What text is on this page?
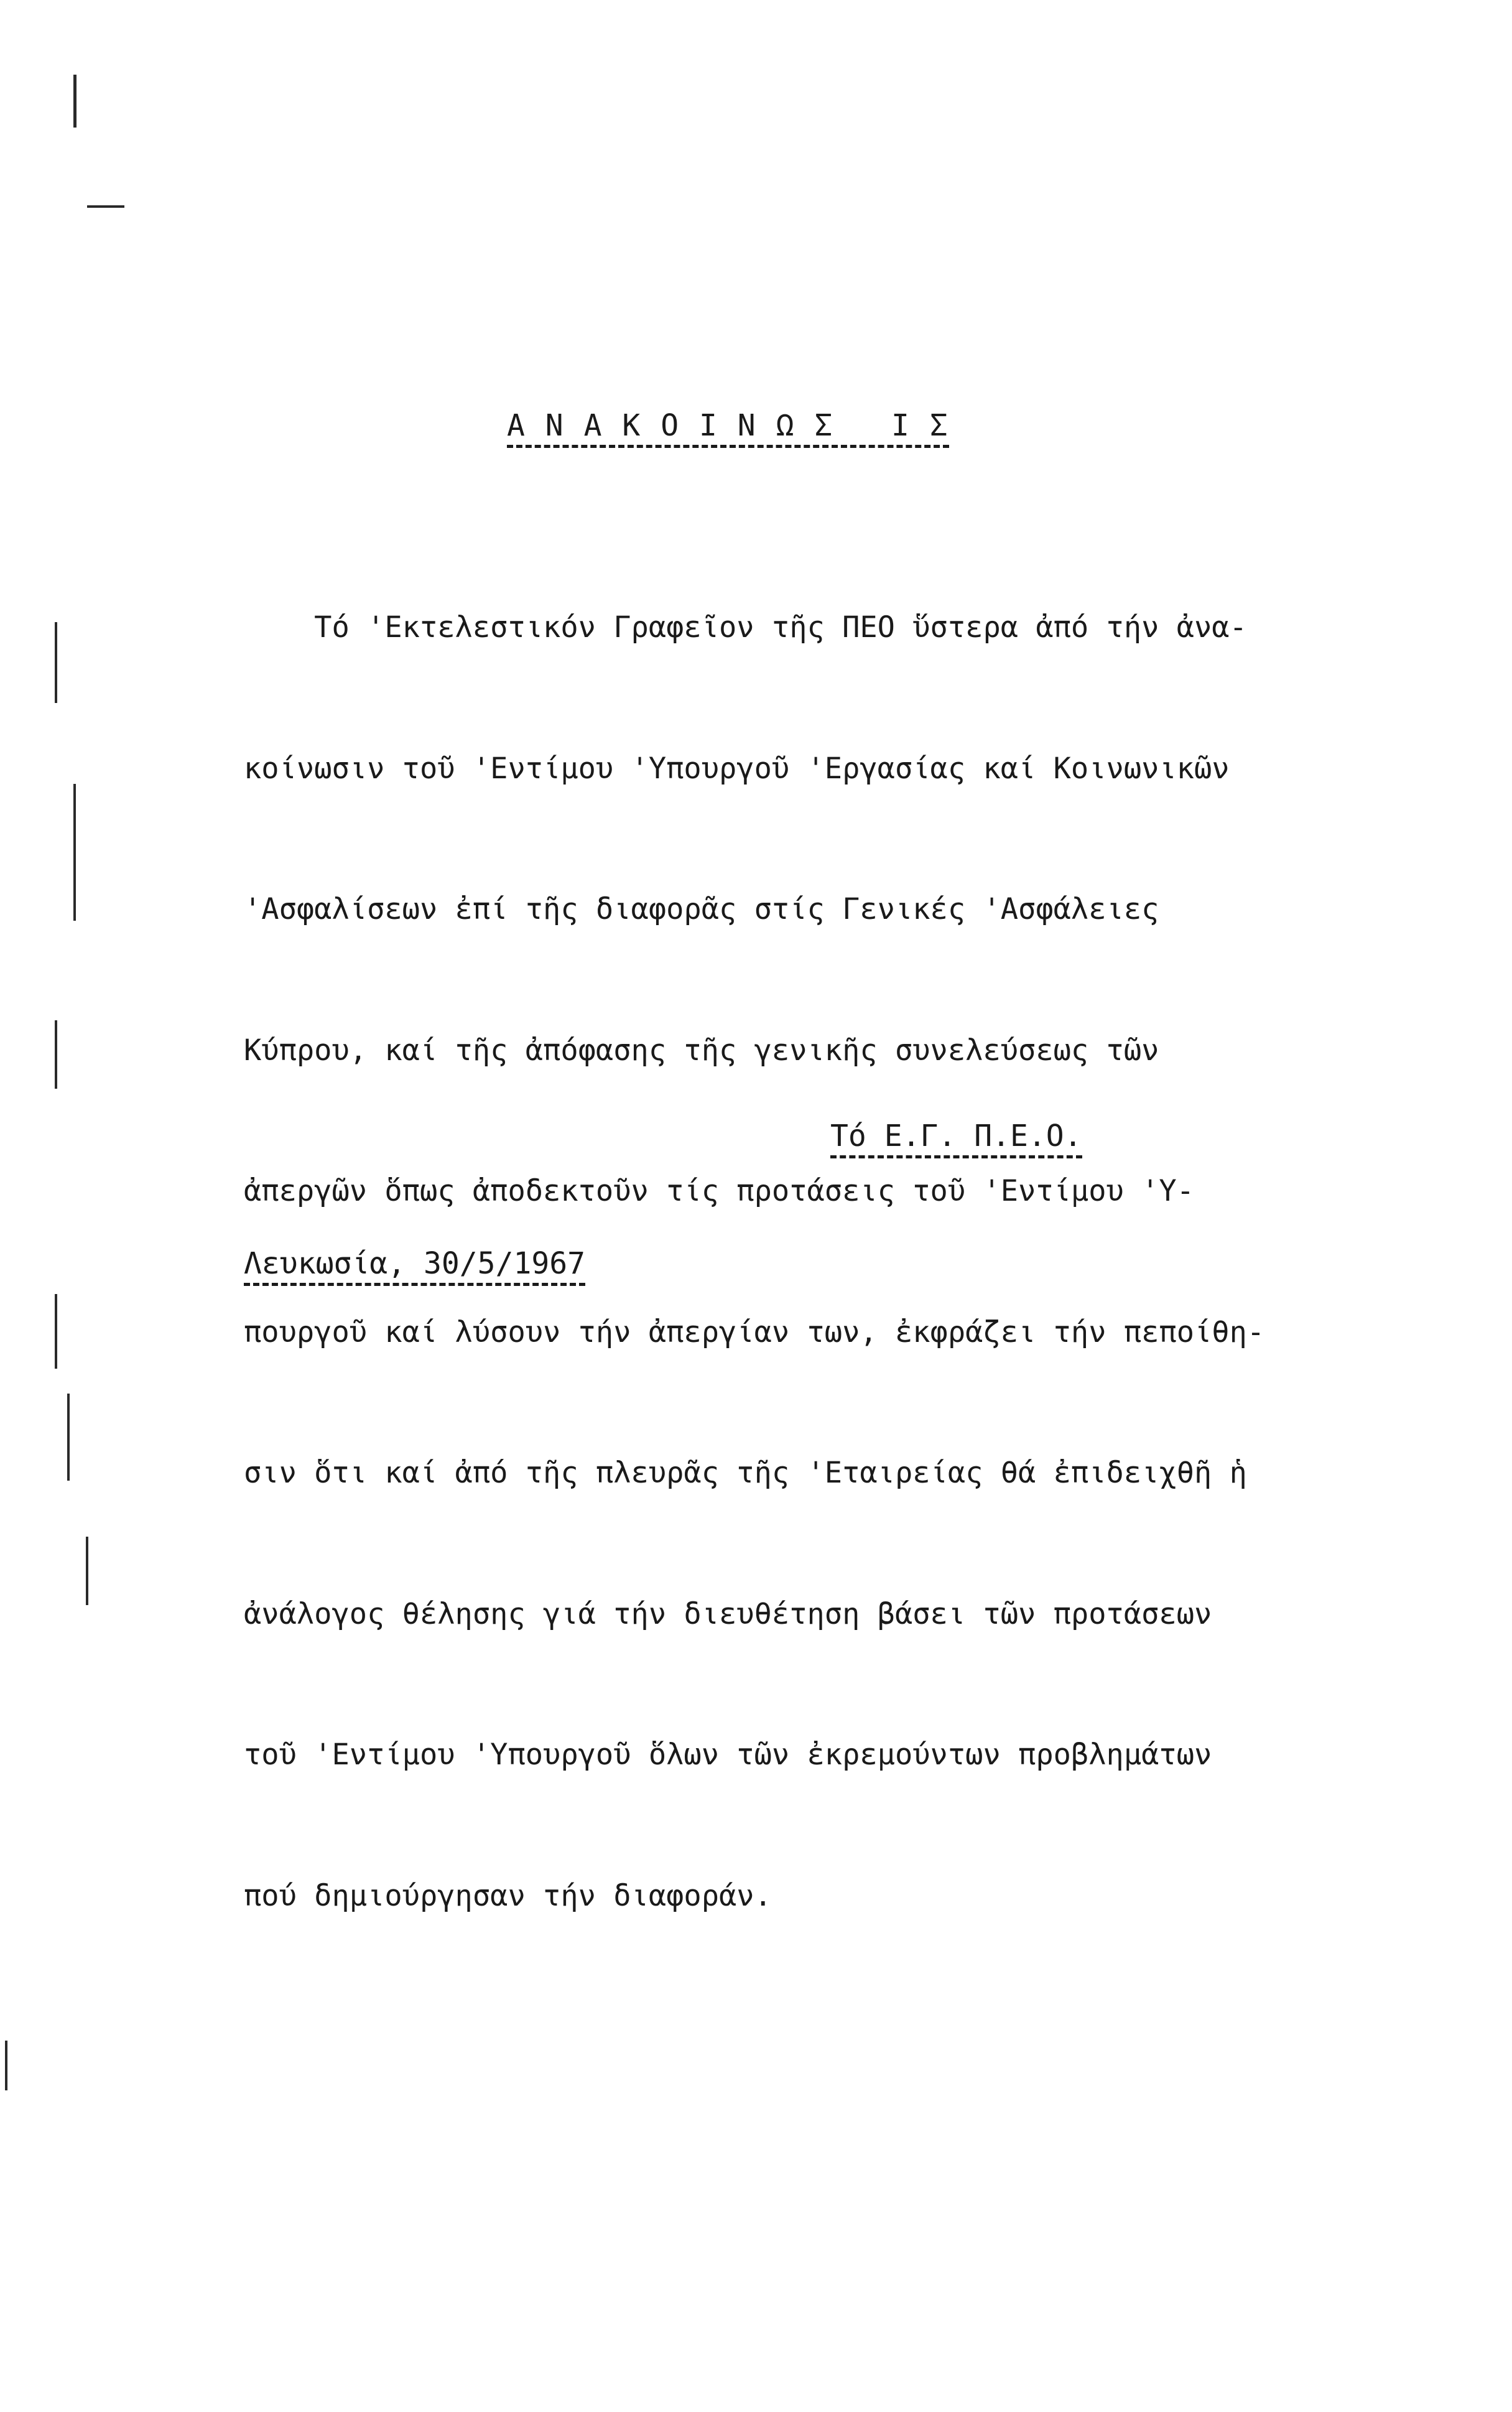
Α Ν Α Κ Ο Ι Ν Ω Σ   Ι Σ

Τό 'Εκτελεστικόν Γραφεῖον τῆς ΠΕΟ ὕστερα ἀπό τήν ἀνα-

κοίνωσιν τοῦ 'Εντίμου 'Υπουργοῦ 'Εργασίας καί Κοινωνικῶν

'Ασφαλίσεων ἐπί τῆς διαφορᾶς στίς Γενικές 'Ασφάλειες

Κύπρου, καί τῆς ἀπόφασης τῆς γενικῆς συνελεύσεως τῶν

ἀπεργῶν ὅπως ἀποδεκτοῦν τίς προτάσεις τοῦ 'Εντίμου 'Υ-

πουργοῦ καί λύσουν τήν ἀπεργίαν των, ἐκφράζει τήν πεποίθη-

σιν ὅτι καί ἀπό τῆς πλευρᾶς τῆς 'Εταιρείας θά ἐπιδειχθῆ ἡ

ἀνάλογος θέλησης γιά τήν διευθέτηση βάσει τῶν προτάσεων

τοῦ 'Εντίμου 'Υπουργοῦ ὅλων τῶν ἐκρεμούντων προβλημάτων

πού δημιούργησαν τήν διαφοράν.

Τό Ε.Γ. Π.Ε.Ο.
Λευκωσία, 30/5/1967
